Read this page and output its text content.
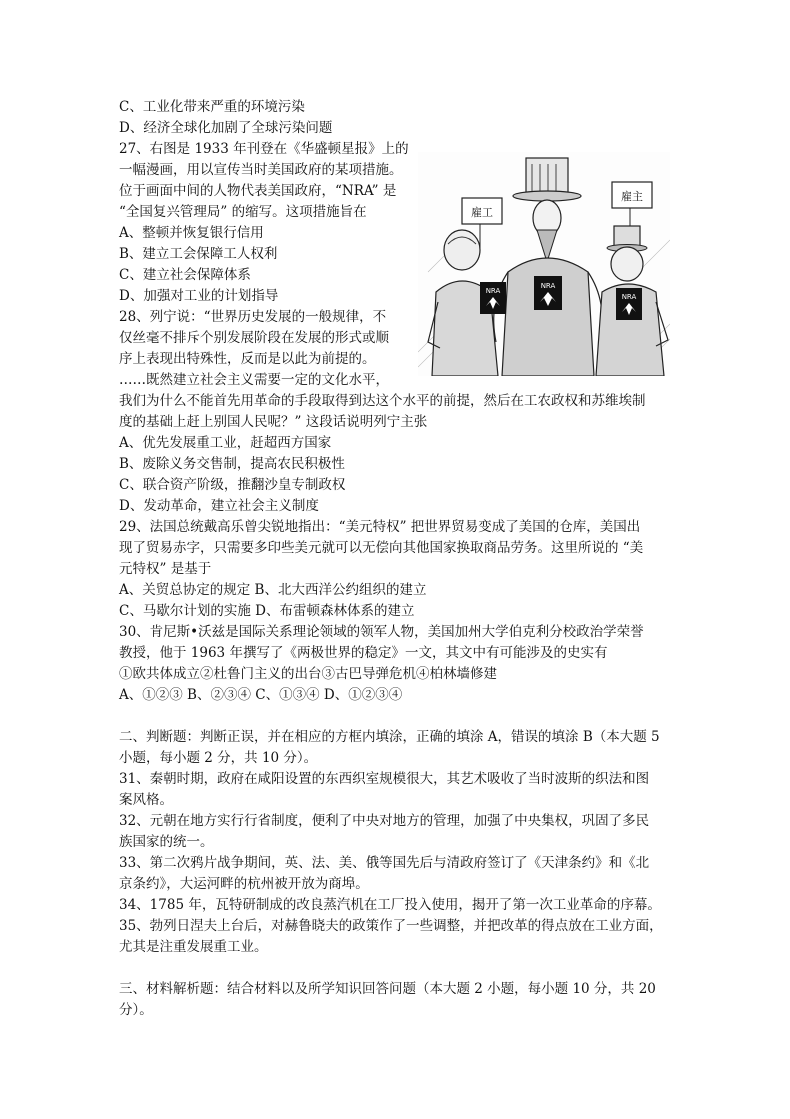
C、工业化带来严重的环境污染
D、经济全球化加剧了全球污染问题
27、右图是 1933 年刊登在《华盛顿星报》上的
一幅漫画，用以宣传当时美国政府的某项措施。
位于画面中间的人物代表美国政府，“NRA” 是
“全国复兴管理局” 的缩写。这项措施旨在
A、整顿并恢复银行信用
B、建立工会保障工人权利
C、建立社会保障体系
D、加强对工业的计划指导
28、列宁说：“世界历史发展的一般规律，不
仅丝毫不排斥个别发展阶段在发展的形式或顺
序上表现出特殊性，反而是以此为前提的。
……既然建立社会主义需要一定的文化水平，
我们为什么不能首先用革命的手段取得到达这个水平的前提，然后在工农政权和苏维埃制
度的基础上赶上别国人民呢？” 这段话说明列宁主张
A、优先发展重工业，赶超西方国家
B、废除义务交售制，提高农民积极性
C、联合资产阶级，推翻沙皇专制政权
D、发动革命，建立社会主义制度
29、法国总统戴高乐曾尖锐地指出：“美元特权” 把世界贸易变成了美国的仓库，美国出
现了贸易赤字，只需要多印些美元就可以无偿向其他国家换取商品劳务。这里所说的 “美
元特权” 是基于
A、关贸总协定的规定 B、北大西洋公约组织的建立
C、马歇尔计划的实施 D、布雷顿森林体系的建立
30、肯尼斯•沃兹是国际关系理论领域的领军人物，美国加州大学伯克利分校政治学荣誉
教授，他于 1963 年撰写了《两极世界的稳定》一文，其文中有可能涉及的史实有
①欧共体成立②杜鲁门主义的出台③古巴导弹危机④柏林墙修建
A、①②③ B、②③④ C、①③④ D、①②③④
二、判断题：判断正误，并在相应的方框内填涂，正确的填涂 A，错误的填涂 B（本大题 5
小题，每小题 2 分，共 10 分）。
31、秦朝时期，政府在咸阳设置的东西织室规模很大，其艺术吸收了当时波斯的织法和图
案风格。
32、元朝在地方实行行省制度，便利了中央对地方的管理，加强了中央集权，巩固了多民
族国家的统一。
33、第二次鸦片战争期间，英、法、美、俄等国先后与清政府签订了《天津条约》和《北
京条约》，大运河畔的杭州被开放为商埠。
34、1785 年，瓦特研制成的改良蒸汽机在工厂投入使用，揭开了第一次工业革命的序幕。
35、勃列日涅夫上台后，对赫鲁晓夫的政策作了一些调整，并把改革的得点放在工业方面，
尤其是注重发展重工业。
三、材料解析题：结合材料以及所学知识回答问题（本大题 2 小题，每小题 10 分，共 20
分）。
雇工
NRA
雇主
NRA
NRA
